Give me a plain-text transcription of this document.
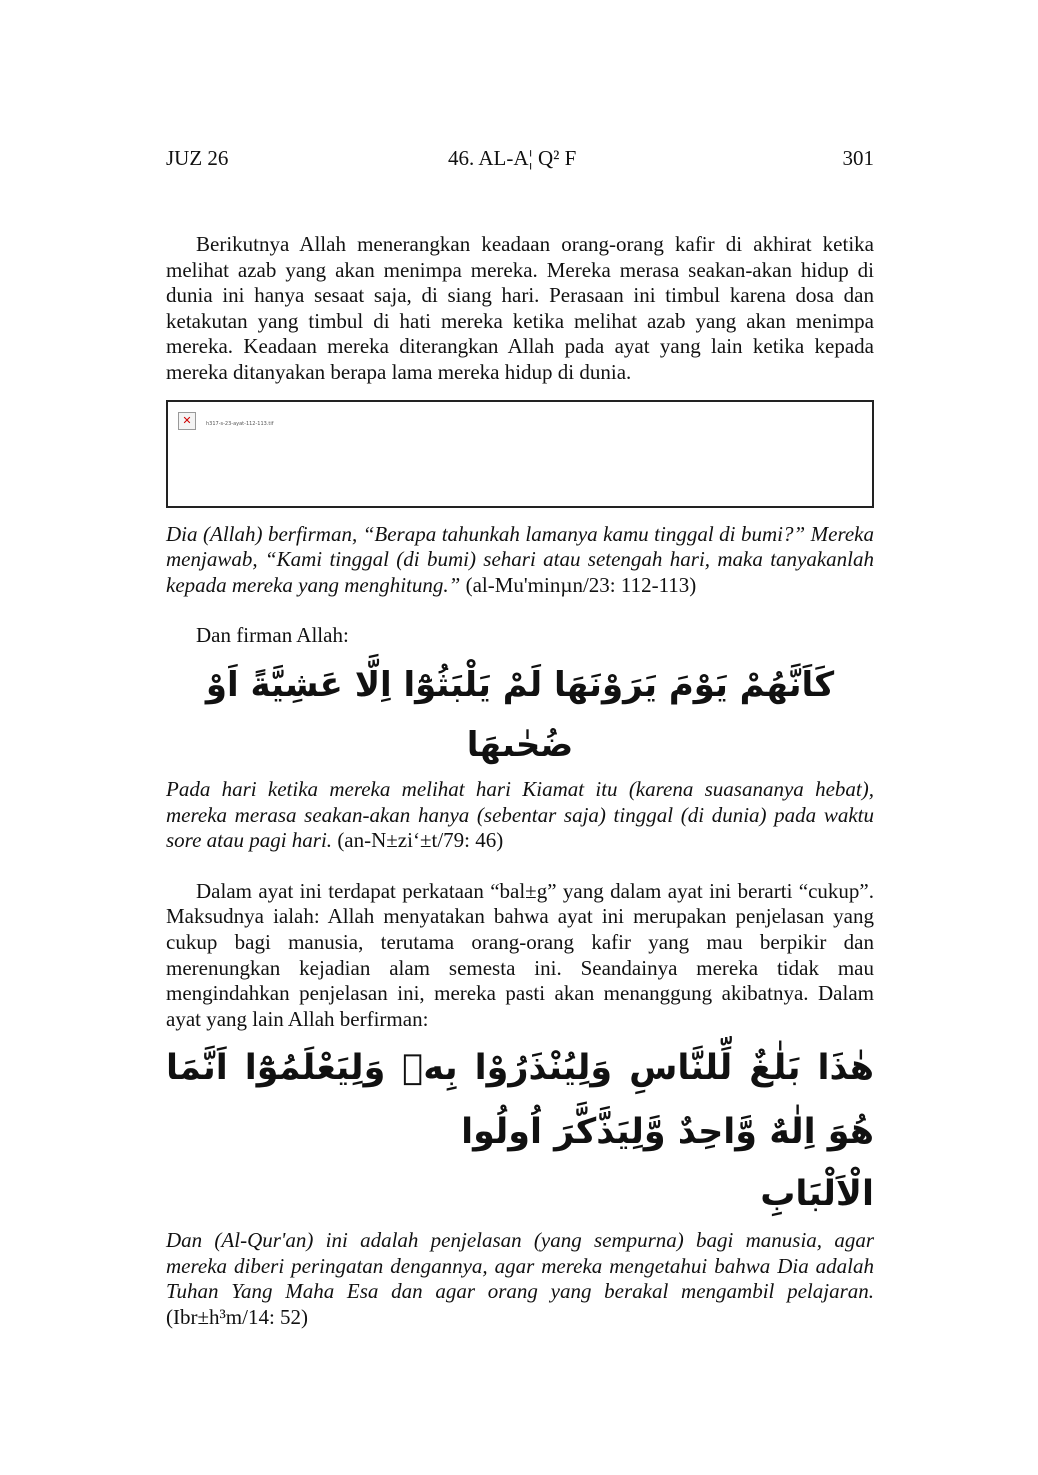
JUZ 26	46. AL-A¦ Q² F	301

Berikutnya Allah menerangkan keadaan orang-orang kafir di akhirat ketika melihat azab yang akan menimpa mereka. Mereka merasa seakan-akan hidup di dunia ini hanya sesaat saja, di siang hari. Perasaan ini timbul karena dosa dan ketakutan yang timbul di hati mereka ketika melihat azab yang akan menimpa mereka. Keadaan mereka diterangkan Allah pada ayat yang lain ketika kepada mereka ditanyakan berapa lama mereka hidup di dunia.

✕	h317-s-23-ayat-112-113.tif

Dia (Allah) berfirman, “Berapa tahunkah lamanya kamu tinggal di bumi?” Mereka menjawab, “Kami tinggal (di bumi) sehari atau setengah hari, maka tanyakanlah kepada mereka yang menghitung.” (al-Mu'minµn/23: 112-113)

Dan firman Allah:

كَاَنَّهُمْ يَوْمَ يَرَوْنَهَا لَمْ يَلْبَثُوْٓا اِلَّا عَشِيَّةً اَوْ ضُحٰىهَا

Pada hari ketika mereka melihat hari Kiamat itu (karena suasananya hebat), mereka merasa seakan-akan hanya (sebentar saja) tinggal (di dunia) pada waktu sore atau pagi hari. (an-N±zi‘±t/79: 46)

Dalam ayat ini terdapat perkataan “bal±g” yang dalam ayat ini berarti “cukup”. Maksudnya ialah: Allah menyatakan bahwa ayat ini merupakan penjelasan yang cukup bagi manusia, terutama orang-orang kafir yang mau berpikir dan merenungkan kejadian alam semesta ini. Seandainya mereka tidak mau mengindahkan penjelasan ini, mereka pasti akan menanggung akibatnya. Dalam ayat yang lain Allah berfirman:

هٰذَا بَلٰغٌ لِّلنَّاسِ وَلِيُنْذَرُوْا بِهٖ وَلِيَعْلَمُوْٓا اَنَّمَا هُوَ اِلٰهٌ وَّاحِدٌ وَّلِيَذَّكَّرَ اُولُوا
الْاَلْبَابِ

Dan (Al-Qur'an) ini adalah penjelasan (yang sempurna) bagi manusia, agar mereka diberi peringatan dengannya, agar mereka mengetahui bahwa Dia adalah Tuhan Yang Maha Esa dan agar orang yang berakal mengambil pelajaran. (Ibr±h³m/14: 52)
